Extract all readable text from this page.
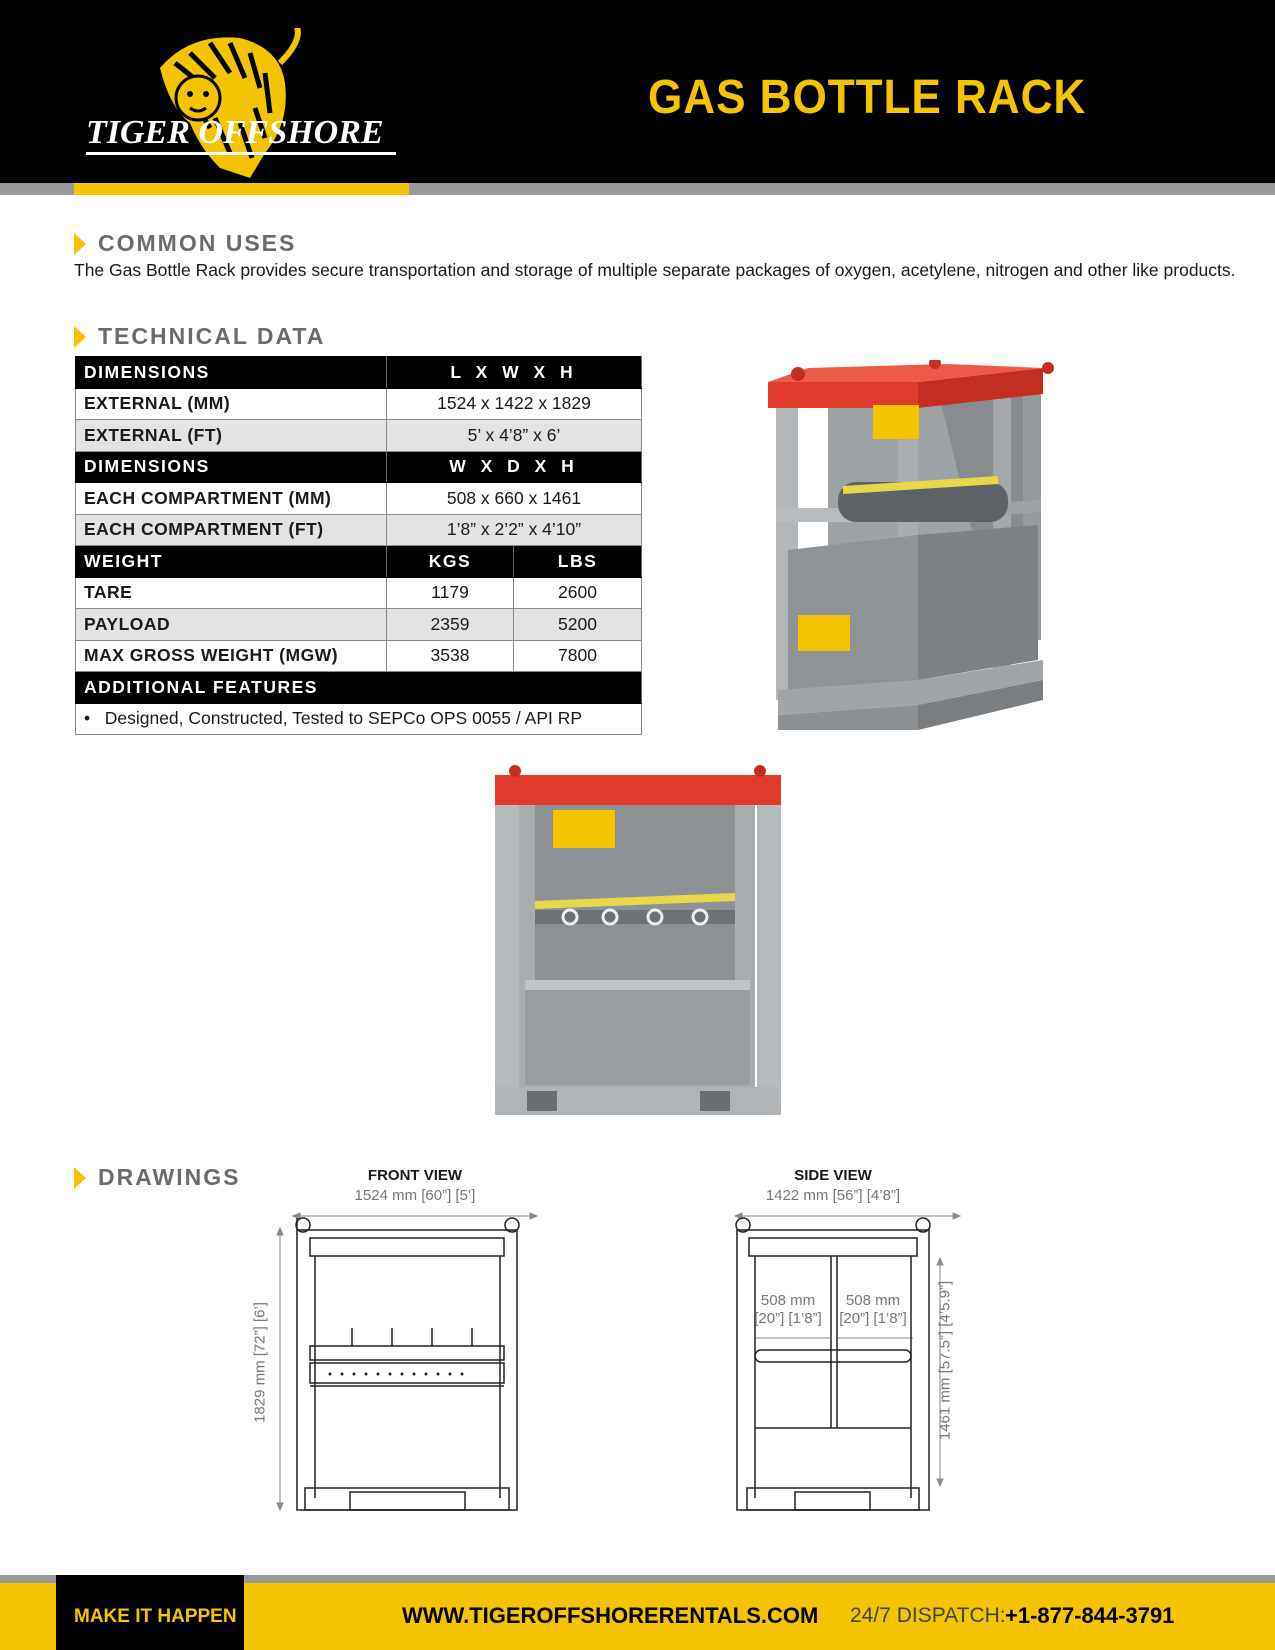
TIGER OFFSHORE
GAS BOTTLE RACK
COMMON USES
The Gas Bottle Rack provides secure transportation and storage of multiple separate packages of oxygen, acetylene, nitrogen and other like products.
TECHNICAL DATA
DIMENSIONS	L X W X H	
EXTERNAL (MM)	1524 x 1422 x 1829	
EXTERNAL (FT)	5’ x 4’8” x 6’	
DIMENSIONS	W X D X H	
EACH COMPARTMENT (MM)	508 x 660 x 1461	
EACH COMPARTMENT (FT)	1’8” x 2’2” x 4’10”	
WEIGHT	KGS	LBS
TARE	1179	2600
PAYLOAD	2359	5200
MAX GROSS WEIGHT (MGW)	3538	7800
ADDITIONAL FEATURES		
•   Designed, Constructed, Tested to SEPCo OPS 0055 / API RP		
DRAWINGS	FRONT VIEW
1524 mm [60”] [5’]
SIDE VIEW
1422 mm [56”] [4’8”]
1829 mm [72”] [6’]
508 mm
[20”] [1’8”]
508 mm
[20”] [1’8”]	1461 mm [57.5”] [4’5.9”]
MAKE IT HAPPEN	WWW.TIGEROFFSHORERENTALS.COM 24/7 DISPATCH: +1-877-844-3791
